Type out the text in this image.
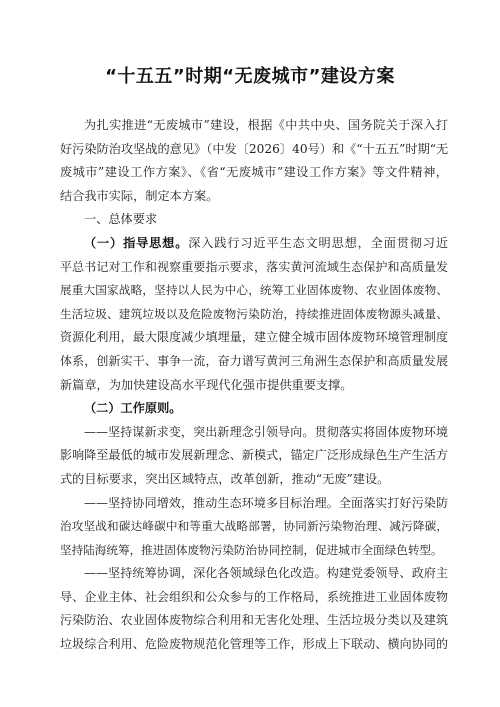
“十五五”时期“无废城市”建设方案
为扎实推进“无废城市”建设，根据《中共中央、国务院关于深入打
好污染防治攻坚战的意见》（中发〔2026〕40号）和《“十五五”时期“无
废城市”建设工作方案》、《省“无废城市”建设工作方案》等文件精神，
结合我市实际，制定本方案。
一、总体要求
（一）指导思想。深入践行习近平生态文明思想，全面贯彻习近
平总书记对工作和视察重要指示要求，落实黄河流域生态保护和高质量发
展重大国家战略，坚持以人民为中心，统筹工业固体废物、农业固体废物、
生活垃圾、建筑垃圾以及危险废物污染防治，持续推进固体废物源头减量、
资源化利用，最大限度减少填埋量，建立健全城市固体废物环境管理制度
体系，创新实干、事争一流，奋力谱写黄河三角洲生态保护和高质量发展
新篇章，为加快建设高水平现代化强市提供重要支撑。
（二）工作原则。
——坚持谋新求变，突出新理念引领导向。贯彻落实将固体废物环境
影响降至最低的城市发展新理念、新模式，锚定广泛形成绿色生产生活方
式的目标要求，突出区域特点，改革创新，推动“无废”建设。
——坚持协同增效，推动生态环境多目标治理。全面落实打好污染防
治攻坚战和碳达峰碳中和等重大战略部署，协同新污染物治理、减污降碳，
坚持陆海统筹，推进固体废物污染防治协同控制，促进城市全面绿色转型。
——坚持统筹协调，深化各领域绿色化改造。构建党委领导、政府主
导、企业主体、社会组织和公众参与的工作格局，系统推进工业固体废物
污染防治、农业固体废物综合利用和无害化处理、生活垃圾分类以及建筑
垃圾综合利用、危险废物规范化管理等工作，形成上下联动、横向协同的
